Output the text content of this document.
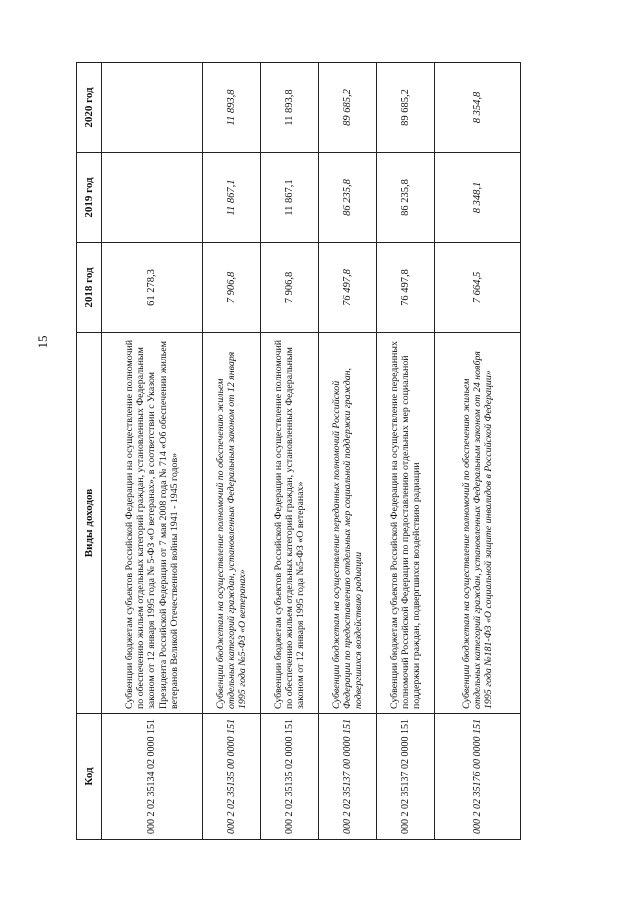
15
Код	Виды доходов	2018 год	2019 год	2020 год
000 2 02 35134 02 0000 151	Субвенции бюджетам субъектов Российской Федерации на осуществление полномочий по обеспечению жильем отдельных категорий граждан, установленных Федеральным законом от 12 января 1995 года № 5-ФЗ «О ветеранах», в соответствии с Указом Президента Российской Федерации от 7 мая 2008 года № 714 «Об обеспечении жильем ветеранов Великой Отечественной войны 1941 - 1945 годов»	61 278,3		
000 2 02 35135 00 0000 151	Субвенции бюджетам на осуществление полномочий по обеспечению жильем отдельных категорий граждан, установленных Федеральным законом от 12 января 1995 года №5-ФЗ «О ветеранах»	7 906,8	11 867,1	11 893,8
000 2 02 35135 02 0000 151	Субвенции бюджетам субъектов Российской Федерации на осуществление полномочий по обеспечению жильем отдельных категорий граждан, установленных Федеральным законом от 12 января 1995 года №5-ФЗ «О ветеранах»	7 906,8	11 867,1	11 893,8
000 2 02 35137 00 0000 151	Субвенции бюджетам на осуществление переданных полномочий Российской Федерации по предоставлению отдельных мер социальной поддержки граждан, подвергшихся воздействию радиации	76 497,8	86 235,8	89 685,2
000 2 02 35137 02 0000 151	Субвенции бюджетам субъектов Российской Федерации на осуществление переданных полномочий Российской Федерации по предоставлению отдельных мер социальной поддержки граждан, подвергшихся воздействию радиации	76 497,8	86 235,8	89 685,2
000 2 02 35176 00 0000 151	Субвенции бюджетам на осуществление полномочий по обеспечению жильем отдельных категорий граждан, установленных Федеральным законом от 24 ноября 1995 года №181-ФЗ «О социальной защите инвалидов в Российской Федерации»	7 664,5	8 348,1	8 354,8
